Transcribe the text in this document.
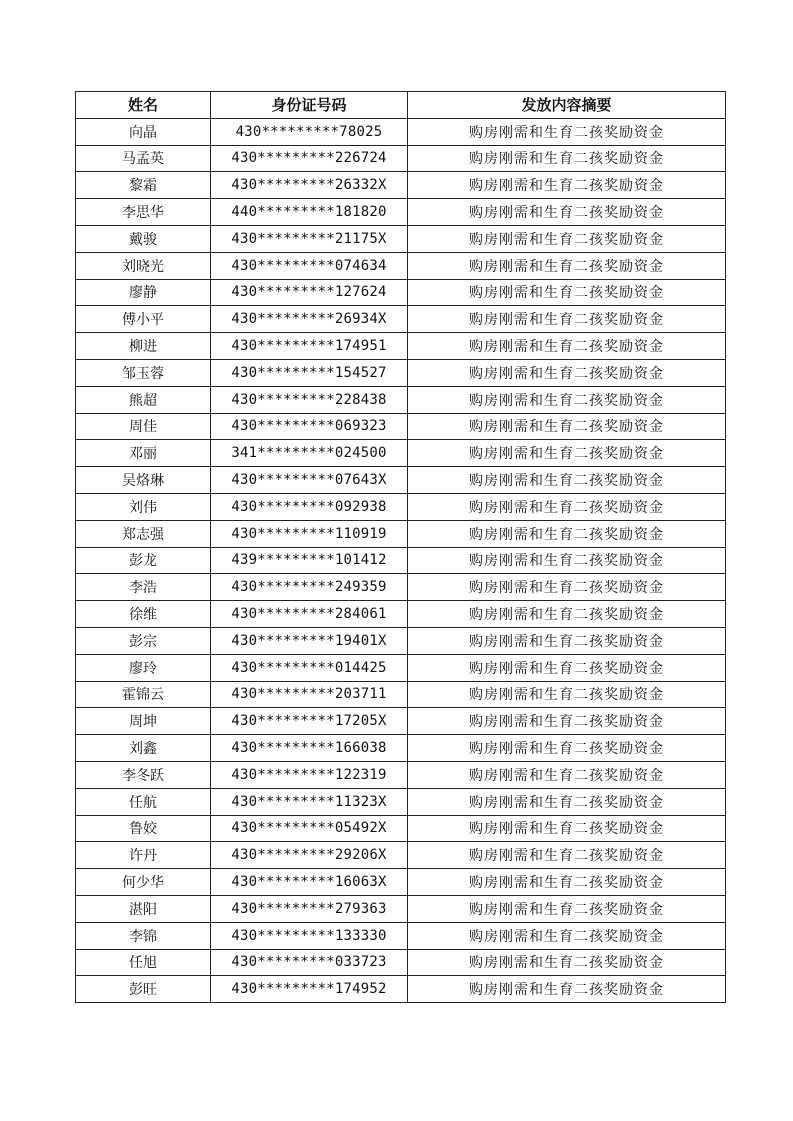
姓名	身份证号码	发放内容摘要
向晶	430*********78025	购房刚需和生育二孩奖励资金
马孟英	430*********226724	购房刚需和生育二孩奖励资金
黎霜	430*********26332X	购房刚需和生育二孩奖励资金
李思华	440*********181820	购房刚需和生育二孩奖励资金
戴骏	430*********21175X	购房刚需和生育二孩奖励资金
刘晓光	430*********074634	购房刚需和生育二孩奖励资金
廖静	430*********127624	购房刚需和生育二孩奖励资金
傅小平	430*********26934X	购房刚需和生育二孩奖励资金
柳进	430*********174951	购房刚需和生育二孩奖励资金
邹玉蓉	430*********154527	购房刚需和生育二孩奖励资金
熊超	430*********228438	购房刚需和生育二孩奖励资金
周佳	430*********069323	购房刚需和生育二孩奖励资金
邓丽	341*********024500	购房刚需和生育二孩奖励资金
吴烙琳	430*********07643X	购房刚需和生育二孩奖励资金
刘伟	430*********092938	购房刚需和生育二孩奖励资金
郑志强	430*********110919	购房刚需和生育二孩奖励资金
彭龙	439*********101412	购房刚需和生育二孩奖励资金
李浩	430*********249359	购房刚需和生育二孩奖励资金
徐维	430*********284061	购房刚需和生育二孩奖励资金
彭宗	430*********19401X	购房刚需和生育二孩奖励资金
廖玲	430*********014425	购房刚需和生育二孩奖励资金
霍锦云	430*********203711	购房刚需和生育二孩奖励资金
周坤	430*********17205X	购房刚需和生育二孩奖励资金
刘鑫	430*********166038	购房刚需和生育二孩奖励资金
李冬跃	430*********122319	购房刚需和生育二孩奖励资金
任航	430*********11323X	购房刚需和生育二孩奖励资金
鲁姣	430*********05492X	购房刚需和生育二孩奖励资金
许丹	430*********29206X	购房刚需和生育二孩奖励资金
何少华	430*********16063X	购房刚需和生育二孩奖励资金
湛阳	430*********279363	购房刚需和生育二孩奖励资金
李锦	430*********133330	购房刚需和生育二孩奖励资金
任旭	430*********033723	购房刚需和生育二孩奖励资金
彭旺	430*********174952	购房刚需和生育二孩奖励资金
